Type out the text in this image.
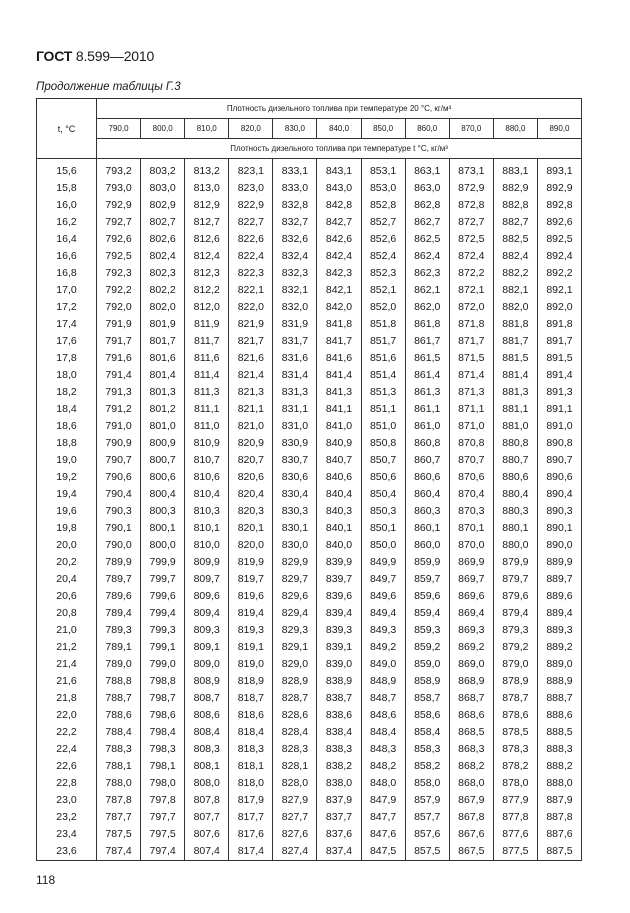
ГОСТ 8.599—2010
Продолжение таблицы Г.3
t, °C	Плотность дизельного топлива при температуре 20 °C, кг/м³										
	790,0	800,0	810,0	820,0	830,0	840,0	850,0	860,0	870,0	880,0	890,0
	Плотность дизельного топлива при температуре t °C, кг/м³										
15,6	793,2	803,2	813,2	823,1	833,1	843,1	853,1	863,1	873,1	883,1	893,1
15,8	793,0	803,0	813,0	823,0	833,0	843,0	853,0	863,0	872,9	882,9	892,9
16,0	792,9	802,9	812,9	822,9	832,8	842,8	852,8	862,8	872,8	882,8	892,8
16,2	792,7	802,7	812,7	822,7	832,7	842,7	852,7	862,7	872,7	882,7	892,6
16,4	792,6	802,6	812,6	822,6	832,6	842,6	852,6	862,5	872,5	882,5	892,5
16,6	792,5	802,4	812,4	822,4	832,4	842,4	852,4	862,4	872,4	882,4	892,4
16,8	792,3	802,3	812,3	822,3	832,3	842,3	852,3	862,3	872,2	882,2	892,2
17,0	792,2	802,2	812,2	822,1	832,1	842,1	852,1	862,1	872,1	882,1	892,1
17,2	792,0	802,0	812,0	822,0	832,0	842,0	852,0	862,0	872,0	882,0	892,0
17,4	791,9	801,9	811,9	821,9	831,9	841,8	851,8	861,8	871,8	881,8	891,8
17,6	791,7	801,7	811,7	821,7	831,7	841,7	851,7	861,7	871,7	881,7	891,7
17,8	791,6	801,6	811,6	821,6	831,6	841,6	851,6	861,5	871,5	881,5	891,5
18,0	791,4	801,4	811,4	821,4	831,4	841,4	851,4	861,4	871,4	881,4	891,4
18,2	791,3	801,3	811,3	821,3	831,3	841,3	851,3	861,3	871,3	881,3	891,3
18,4	791,2	801,2	811,1	821,1	831,1	841,1	851,1	861,1	871,1	881,1	891,1
18,6	791,0	801,0	811,0	821,0	831,0	841,0	851,0	861,0	871,0	881,0	891,0
18,8	790,9	800,9	810,9	820,9	830,9	840,9	850,8	860,8	870,8	880,8	890,8
19,0	790,7	800,7	810,7	820,7	830,7	840,7	850,7	860,7	870,7	880,7	890,7
19,2	790,6	800,6	810,6	820,6	830,6	840,6	850,6	860,6	870,6	880,6	890,6
19,4	790,4	800,4	810,4	820,4	830,4	840,4	850,4	860,4	870,4	880,4	890,4
19,6	790,3	800,3	810,3	820,3	830,3	840,3	850,3	860,3	870,3	880,3	890,3
19,8	790,1	800,1	810,1	820,1	830,1	840,1	850,1	860,1	870,1	880,1	890,1
20,0	790,0	800,0	810,0	820,0	830,0	840,0	850,0	860,0	870,0	880,0	890,0
20,2	789,9	799,9	809,9	819,9	829,9	839,9	849,9	859,9	869,9	879,9	889,9
20,4	789,7	799,7	809,7	819,7	829,7	839,7	849,7	859,7	869,7	879,7	889,7
20,6	789,6	799,6	809,6	819,6	829,6	839,6	849,6	859,6	869,6	879,6	889,6
20,8	789,4	799,4	809,4	819,4	829,4	839,4	849,4	859,4	869,4	879,4	889,4
21,0	789,3	799,3	809,3	819,3	829,3	839,3	849,3	859,3	869,3	879,3	889,3
21,2	789,1	799,1	809,1	819,1	829,1	839,1	849,2	859,2	869,2	879,2	889,2
21,4	789,0	799,0	809,0	819,0	829,0	839,0	849,0	859,0	869,0	879,0	889,0
21,6	788,8	798,8	808,9	818,9	828,9	838,9	848,9	858,9	868,9	878,9	888,9
21,8	788,7	798,7	808,7	818,7	828,7	838,7	848,7	858,7	868,7	878,7	888,7
22,0	788,6	798,6	808,6	818,6	828,6	838,6	848,6	858,6	868,6	878,6	888,6
22,2	788,4	798,4	808,4	818,4	828,4	838,4	848,4	858,4	868,5	878,5	888,5
22,4	788,3	798,3	808,3	818,3	828,3	838,3	848,3	858,3	868,3	878,3	888,3
22,6	788,1	798,1	808,1	818,1	828,1	838,2	848,2	858,2	868,2	878,2	888,2
22,8	788,0	798,0	808,0	818,0	828,0	838,0	848,0	858,0	868,0	878,0	888,0
23,0	787,8	797,8	807,8	817,9	827,9	837,9	847,9	857,9	867,9	877,9	887,9
23,2	787,7	797,7	807,7	817,7	827,7	837,7	847,7	857,7	867,8	877,8	887,8
23,4	787,5	797,5	807,6	817,6	827,6	837,6	847,6	857,6	867,6	877,6	887,6
23,6	787,4	797,4	807,4	817,4	827,4	837,4	847,5	857,5	867,5	877,5	887,5
118
